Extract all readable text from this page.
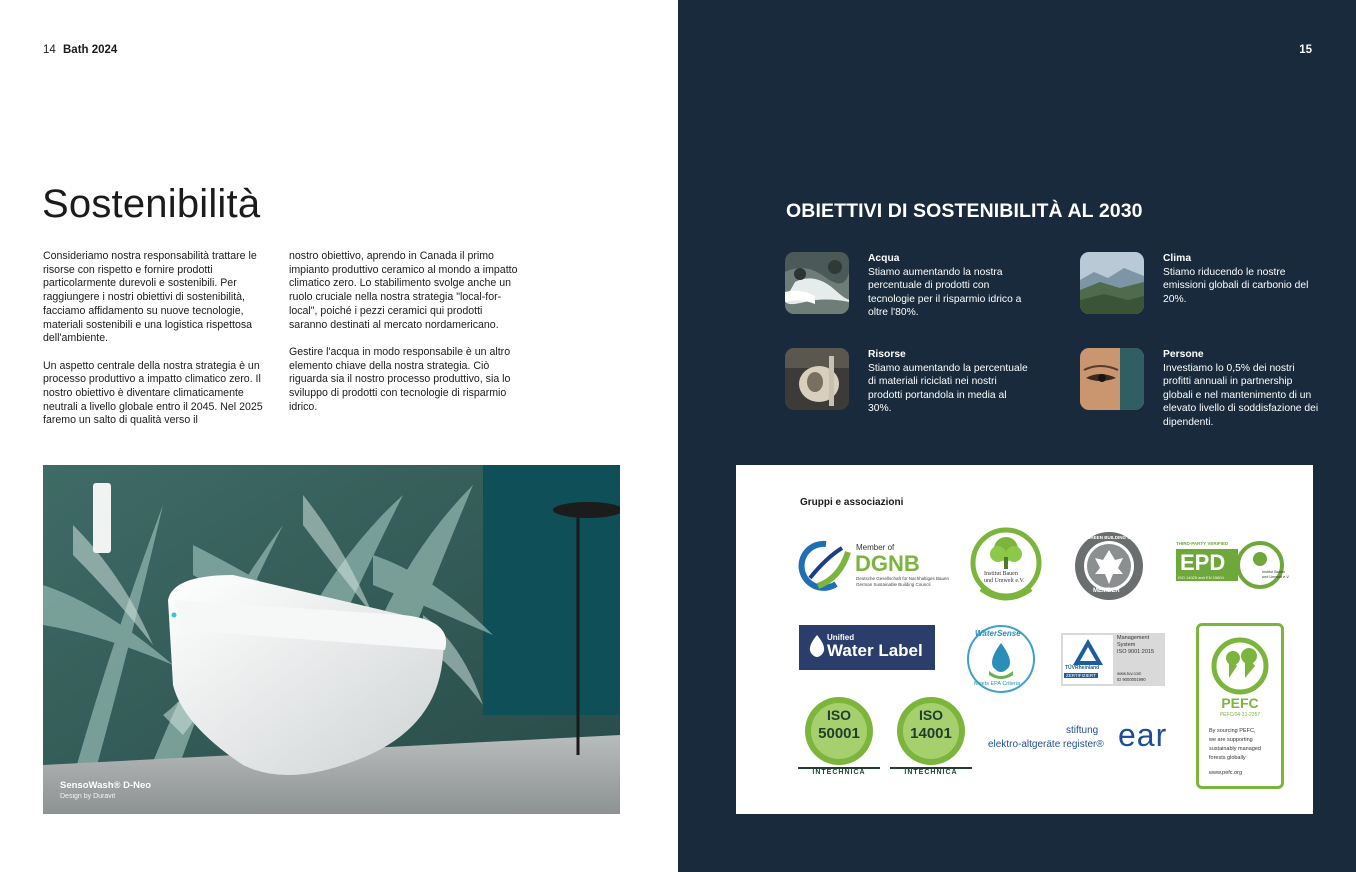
14 Bath 2024
Sostenibilità

Consideriamo nostra responsabilità trattare le risorse con rispetto e fornire prodotti particolarmente durevoli e sostenibili. Per raggiungere i nostri obiettivi di sostenibilità, facciamo affidamento su nuove tecnologie, materiali sostenibili e una logistica rispettosa dell'ambiente.

Un aspetto centrale della nostra strategia è un processo produttivo a impatto climatico zero. Il nostro obiettivo è diventare climaticamente neutrali a livello globale entro il 2045. Nel 2025 faremo un salto di qualità verso il

nostro obiettivo, aprendo in Canada il primo impianto produttivo ceramico al mondo a impatto climatico zero. Lo stabilimento svolge anche un ruolo cruciale nella nostra strategia "local-for-local", poiché i pezzi ceramici qui prodotti saranno destinati al mercato nordamericano.

Gestire l'acqua in modo responsabile è un altro elemento chiave della nostra strategia. Ciò riguarda sia il nostro processo produttivo, sia lo sviluppo di prodotti con tecnologie di risparmio idrico.

SensoWash® D-Neo
Design by Duravit
15
OBIETTIVI DI SOSTENIBILITÀ AL 2030
Acqua
Stiamo aumentando la nostra percentuale di prodotti con tecnologie per il risparmio idrico a oltre l'80%.
Clima
Stiamo riducendo le nostre emissioni globali di carbonio del 20%.
Risorse
Stiamo aumentando la percentuale di materiali riciclati nei nostri prodotti portandola in media al 30%.
Persone
Investiamo lo 0,5% dei nostri profitti annuali in partnership globali e nel mantenimento di un elevato livello di soddisfazione dei dipendenti.
Gruppi e associazioni
Member of
DGNB
Deutsche Gesellschaft für Nachhaltiges Bauen
German Sustainable Building Council
Institut Bauen
und Umwelt e.V.
U.S. GREEN BUILDING COUNCIL
MEMBER
THIRD-PARTY VERIFIED
EPD
ISO 14025 and EN 15804
Institut Bauen
und Umwelt e.V.
Unified
Water Label
WaterSense
Meets EPA Criteria
TÜVRheinland
ZERTIFIZIERT
Management
System
ISO 9001:2015
www.tuv.com
ID 9000001990
PEFC
PEFC/04-31-2357
By sourcing PEFC,
we are supporting
sustainably managed
forests globally
www.pefc.org
ISO
50001
INTECHNICA
ISO
14001
INTECHNICA
stiftung
elektro-altgeräte register® ear
